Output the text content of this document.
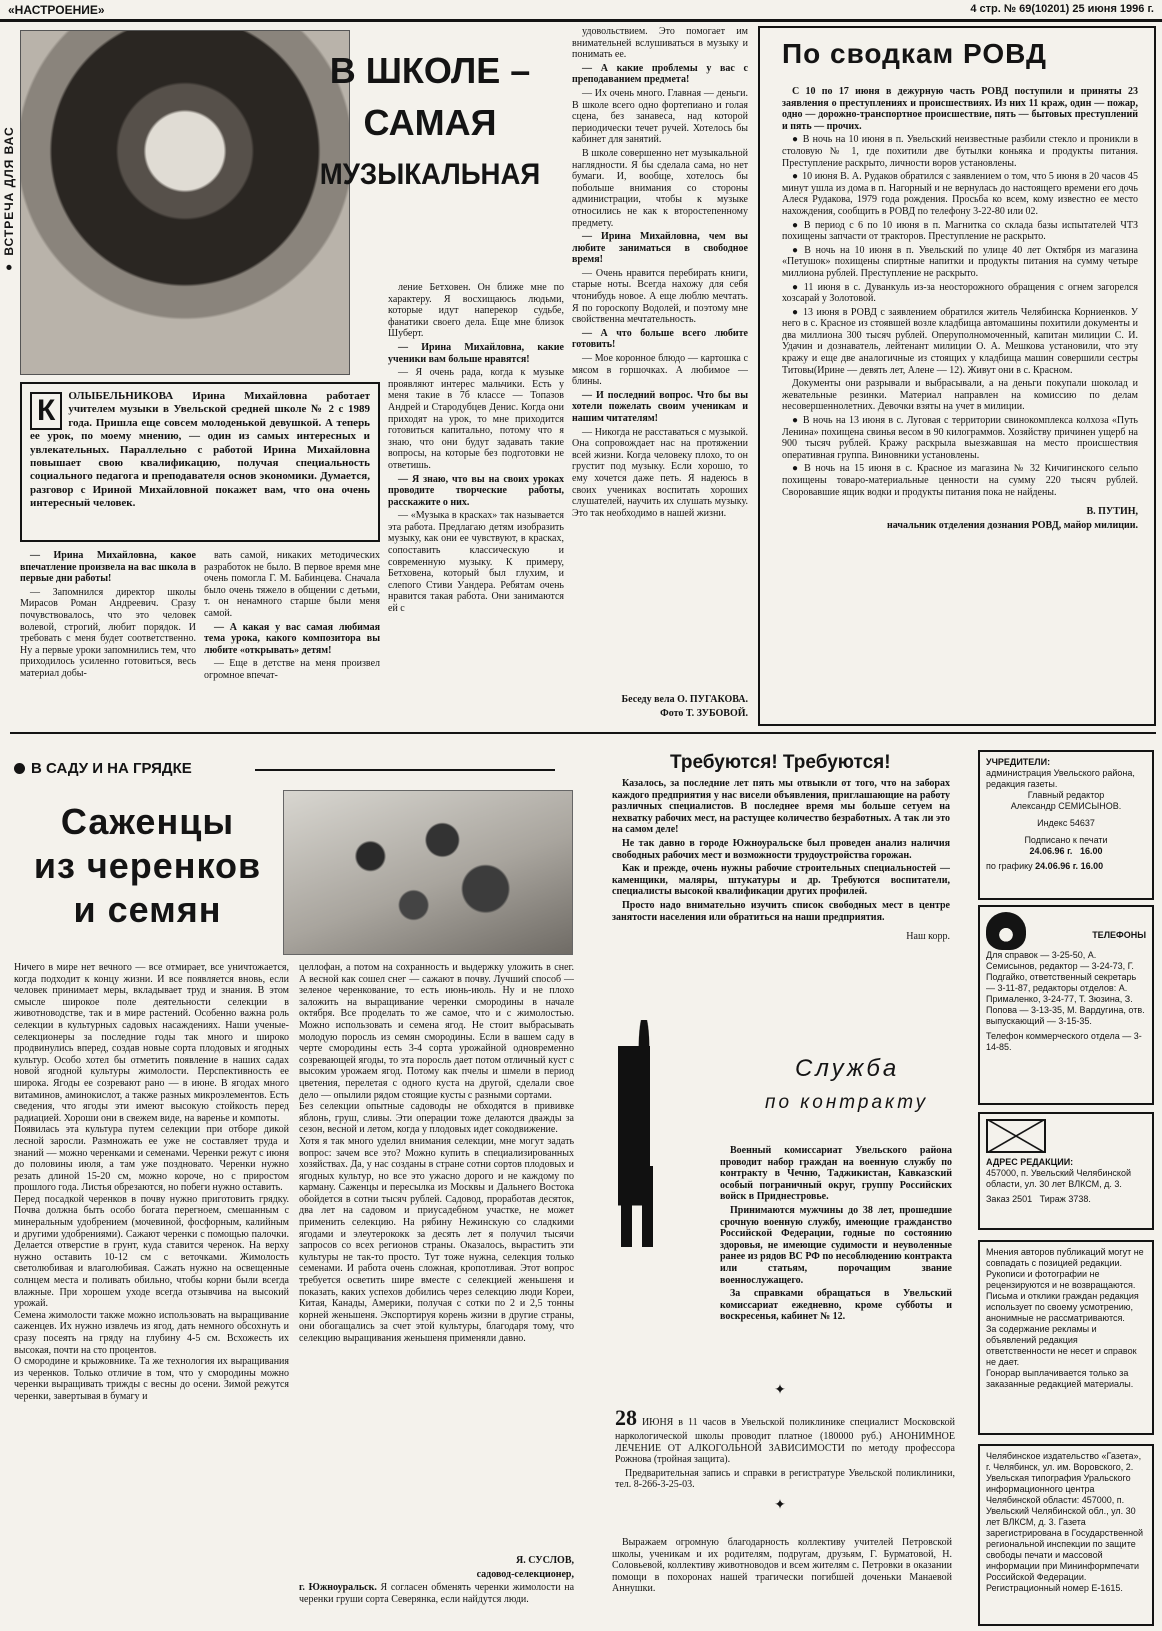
«НАСТРОЕНИЕ»	4 стр. № 69(10201) 25 июня 1996 г.
● ВСТРЕЧА ДЛЯ ВАС
В ШКОЛЕ –
САМАЯ
МУЗЫКАЛЬНАЯ
К	ОЛЫБЕЛЬНИКОВА Ирина Михайловна работает учителем музыки в Увельской средней школе № 2 с 1989 года. Пришла еще совсем молоденькой девушкой. А теперь ее урок, по моему мнению, — один из самых интересных и увлекательных. Параллельно с работой Ирина Михайловна повышает свою квалификацию, получая специальность социального педагога и преподавателя основ экономики. Думается, разговор с Ириной Михайловной покажет вам, что она очень интересный человек.

— Ирина Михайловна, какое впечатление произвела на вас школа в первые дни работы!

— Запомнился директор школы Мирасов Роман Андреевич. Сразу почувствовалось, что это человек волевой, строгий, любит порядок. И требовать с меня будет соответственно. Ну а первые уроки запомнились тем, что приходилось усиленно готовиться, весь материал добы-

вать самой, никаких методических разработок не было. В первое время мне очень помогла Г. М. Бабинцева. Сначала было очень тяжело в общении с детьми, т. он ненамного старше были меня самой.

— А какая у вас самая любимая тема урока, какого композитора вы любите «открывать» детям!

— Еще в детстве на меня произвел огромное впечат-

ление Бетховен. Он ближе мне по характеру. Я восхищаюсь людьми, которые идут наперекор судьбе, фанатики своего дела. Еще мне близок Шуберт.

— Ирина Михайловна, какие ученики вам больше нравятся!

— Я очень рада, когда к музыке проявляют интерес мальчики. Есть у меня такие в 7б классе — Топазов Андрей и Стародубцев Денис. Когда они приходят на урок, то мне приходится готовиться капитально, потому что я знаю, что они будут задавать такие вопросы, на которые без подготовки не ответишь.

— Я знаю, что вы на своих уроках проводите творческие работы, расскажите о них.

— «Музыка в красках» так называется эта работа. Предлагаю детям изобразить музыку, как они ее чувствуют, в красках, сопоставить классическую и современную музыку. К примеру, Бетховена, который был глухим, и слепого Стиви Уандера. Ребятам очень нравится такая работа. Они занимаются ей с

удовольствием. Это помогает им внимательней вслушиваться в музыку и понимать ее.

— А какие проблемы у вас с преподаванием предмета!

— Их очень много. Главная — деньги. В школе всего одно фортепиано и голая сцена, без занавеса, над которой периодически течет ручей. Хотелось бы кабинет для занятий.

В школе совершенно нет музыкальной наглядности. Я бы сделала сама, но нет бумаги. И, вообще, хотелось бы побольше внимания со стороны администрации, чтобы к музыке относились не как к второстепенному предмету.

— Ирина Михайловна, чем вы любите заниматься в свободное время!

— Очень нравится перебирать книги, старые ноты. Всегда нахожу для себя чтонибудь новое. А еще люблю мечтать. Я по гороскопу Водолей, и поэтому мне свойственна мечтательность.

— А что больше всего любите готовить!

— Мое коронное блюдо — картошка с мясом в горшочках. А любимое — блины.

— И последний вопрос. Что бы вы хотели пожелать своим ученикам и нашим читателям!

— Никогда не расставаться с музыкой. Она сопровождает нас на протяжении всей жизни. Когда человеку плохо, то он грустит под музыку. Если хорошо, то ему хочется даже петь. Я надеюсь в своих учениках воспитать хороших слушателей, научить их слушать музыку. Это так необходимо в нашей жизни.

Беседу вела О. ПУГАКОВА.

Фото Т. ЗУБОВОЙ.

По сводкам РОВД

С 10 по 17 июня в дежурную часть РОВД поступили и приняты 23 заявления о преступлениях и происшествиях. Из них 11 краж, один — пожар, одно — дорожно-транспортное происшествие, пять — бытовых преступлений и пять — прочих.

● В ночь на 10 июня в п. Увельский неизвестные разбили стекло и проникли в столовую № 1, где похитили две бутылки коньяка и продукты питания. Преступление раскрыто, личности воров установлены.

● 10 июня В. А. Рудаков обратился с заявлением о том, что 5 июня в 20 часов 45 минут ушла из дома в п. Нагорный и не вернулась до настоящего времени его дочь Алеся Рудакова, 1979 года рождения. Просьба ко всем, кому известно ее место нахождения, сообщить в РОВД по телефону 3-22-80 или 02.

● В период с 6 по 10 июня в п. Магнитка со склада базы испытателей ЧТЗ похищены запчасти от тракторов. Преступление не раскрыто.

● В ночь на 10 июня в п. Увельский по улице 40 лет Октября из магазина «Петушок» похищены спиртные напитки и продукты питания на сумму четыре миллиона рублей. Преступление не раскрыто.

● 11 июня в с. Дуванкуль из-за неосторожного обращения с огнем загорелся хозсарай у Золотовой.

● 13 июня в РОВД с заявлением обратился житель Челябинска Корниенков. У него в с. Красное из стоявшей возле кладбища автомашины похитили документы и два миллиона 300 тысяч рублей. Оперуполномоченный, капитан милиции С. И. Удачин и дознаватель, лейтенант милиции О. А. Мешкова установили, что эту кражу и еще две аналогичные из стоящих у кладбища машин совершили сестры Титовы(Ирине — девять лет, Алене — 12). Живут они в с. Красном.

Документы они разрывали и выбрасывали, а на деньги покупали шоколад и жевательные резинки. Материал направлен на комиссию по делам несовершеннолетних. Девочки взяты на учет в милиции.

● В ночь на 13 июня в с. Луговая с территории свинокомплекса колхоза «Путь Ленина» похищена свинья весом в 90 килограммов. Хозяйству причинен ущерб на 900 тысяч рублей. Кражу раскрыла выезжавшая на место происшествия оперативная группа. Виновники установлены.

● В ночь на 15 июня в с. Красное из магазина № 32 Кичигинского сельпо похищены товаро-материальные ценности на сумму 220 тысяч рублей. Своровавшие ящик водки и продукты питания пока не найдены.

В. ПУТИН,

начальник отделения дознания РОВД, майор милиции.

В САДУ И НА ГРЯДКЕ
Саженцы
из черенков
и семян
Ничего в мире нет вечного — все отмирает, все уничтожается, когда подходит к концу жизни. И все появляется вновь, если человек принимает меры, вкладывает труд и знания. В этом смысле широкое поле деятельности селекции в животноводстве, так и в мире растений. Особенно важна роль селекции в культурных садовых насаждениях. Наши ученые-селекционеры за последние годы так много и широко продвинулись вперед, создав новые сорта плодовых и ягодных культур. Особо хотел бы отметить появление в наших садах новой ягодной культуры жимолости. Перспективность ее широка. Ягоды ее созревают рано — в июне. В ягодах много витаминов, аминокислот, а также разных микроэлементов. Есть сведения, что ягоды эти имеют высокую стойкость перед радиацией. Хороши они в свежем виде, на варенье и компоты.
Появилась эта культура путем селекции при отборе дикой лесной заросли. Размножать ее уже не составляет труда и знаний — можно черенками и семенами. Черенки режут с июня до половины июля, а там уже поздновато. Черенки нужно резать длиной 15-20 см, можно короче, но с приростом прошлого года. Листья обрезаются, но побеги нужно оставить.
Перед посадкой черенков в почву нужно приготовить грядку. Почва должна быть особо богата перегноем, смешанным с минеральным удобрением (мочевиной, фосфорным, калийным и другими удобрениями). Сажают черенки с помощью палочки. Делается отверстие в грунт, куда ставится черенок. На верху нужно оставить 10-12 см с веточками. Жимолость светолюбивая и влаголюбивая. Сажать нужно на освещенные солнцем места и поливать обильно, чтобы корни были всегда влажные. При хорошем уходе всегда отзывчива на высокий урожай.
Семена жимолости также можно использовать на выращивание саженцев. Их нужно извлечь из ягод, дать немного обсохнуть и сразу посеять на гряду на глубину 4-5 см. Всхожесть их высокая, почти на сто процентов.
О смородине и крыжовнике. Та же технология их выращивания из черенков. Только отличие в том, что у смородины можно черенки выращивать трижды с весны до осени. Зимой режутся черенки, завертывая в бумагу и
целлофан, а потом на сохранность и выдержку уложить в снег. А весной как сошел снег — сажают в почву. Лучший способ — зеленое черенкование, то есть июнь-июль. Ну и не плохо заложить на выращивание черенки смородины в начале октября. Все проделать то же самое, что и с жимолостью. Можно использовать и семена ягод. Не стоит выбрасывать молодую поросль из семян смородины. Если в вашем саду в черте смородины есть 3-4 сорта урожайной одновременно созревающей ягоды, то эта поросль дает потом отличный куст с высоким урожаем ягод. Потому как пчелы и шмели в период цветения, перелетая с одного куста на другой, сделали свое дело — опылили рядом стоящие кусты с разными сортами.
Без селекции опытные садоводы не обходятся в прививке яблонь, груш, сливы. Эти операции тоже делаются дважды за сезон, весной и летом, когда у плодовых идет сокодвижение.
Хотя я так много уделил внимания селекции, мне могут задать вопрос: зачем все это? Можно купить в специализированных хозяйствах. Да, у нас созданы в стране сотни сортов плодовых и ягодных культур, но все это ужасно дорого и не каждому по карману. Саженцы и пересылка из Москвы и Дальнего Востока обойдется в сотни тысяч рублей. Садовод, проработав десяток, два лет на садовом и приусадебном участке, не может применить селекцию. На рябину Нежинскую со сладкими ягодами и элеутерококк за десять лет я получил тысячи запросов со всех регионов страны. Оказалось, вырастить эти культуры не так-то просто. Тут тоже нужна, селекция только семенами. И работа очень сложная, кропотливая. Этот вопрос требуется осветить шире вместе с селекцией женьшеня и показать, каких успехов добились через селекцию люди Кореи, Китая, Канады, Америки, получая с сотки по 2 и 2,5 тонны корней женьшеня. Экспортируя корень жизни в другие страны, они обогащались за счет этой культуры, благодаря тому, что селекцию выращивания женьшеня применяли давно.

Я. СУСЛОВ,

садовод-селекционер,

г. Южноуральск. Я согласен обменять черенки жимолости на черенки груши сорта Северянка, если найдутся люди.

Требуются! Требуются!

Казалось, за последние лет пять мы отвыкли от того, что на заборах каждого предприятия у нас висели объявления, приглашающие на работу различных специалистов. В последнее время мы больше сетуем на нехватку рабочих мест, на растущее количество безработных. А так ли это на самом деле!

Не так давно в городе Южноуральске был проведен анализ наличия свободных рабочих мест и возможности трудоустройства горожан.

Как и прежде, очень нужны рабочие строительных специальностей — каменщики, маляры, штукатуры и др. Требуются воспитатели, специалисты высокой квалификации других профилей.

Просто надо внимательно изучить список свободных мест в центре занятости населения или обратиться на наши предприятия.

Наш корр.

Служба
по контракту

Военный комиссариат Увельского района проводит набор граждан на военную службу по контракту в Чечню, Таджикистан, Кавказский особый пограничный округ, группу Российских войск в Приднестровье.

Принимаются мужчины до 38 лет, прошедшие срочную военную службу, имеющие гражданство Российской Федерации, годные по состоянию здоровья, не имеющие судимости и неуволенные ранее из рядов ВС РФ по несоблюдению контракта или статьям, порочащим звание военнослужащего.

За справками обращаться в Увельский комиссариат ежедневно, кроме субботы и воскресенья, кабинет № 12.

✦

28 ИЮНЯ в 11 часов в Увельской поликлинике специалист Московской наркологической школы проводит платное (180000 руб.) АНОНИМНОЕ ЛЕЧЕНИЕ ОТ АЛКОГОЛЬНОЙ ЗАВИСИМОСТИ по методу профессора Рожнова (тройная защита).

Предварительная запись и справки в регистратуре Увельской поликлиники, тел. 8-266-3-25-03.

✦

Выражаем огромную благодарность коллективу учителей Петровской школы, ученикам и их родителям, подругам, друзьям, Г. Бурматовой, Н. Соловьевой, коллективу животноводов и всем жителям с. Петровки в оказании помощи в похоронах нашей трагически погибшей доченьки Манаевой Аннушки.

УЧРЕДИТЕЛИ:
администрация Увельского района, редакция газеты.
Главный редактор
Александр СЕМИСЫНОВ.
Индекс 54637
Подписано к печати
24.06.96 г. 16.00
по графику 24.06.96 г. 16.00
ТЕЛЕФОНЫ
Для справок — 3-25-50, А. Семисынов, редактор — 3-24-73, Г. Подгайко, ответственный секретарь — 3-11-87, редакторы отделов: А. Прималенко, 3-24-77, Т. Зюзина, З. Попова — 3-13-35, М. Вардугина, отв. выпускающий — 3-15-35.
Телефон коммерческого отдела — 3-14-85.
АДРЕС РЕДАКЦИИ:
457000, п. Увельский Челябинской области, ул. 30 лет ВЛКСМ, д. 3.
Заказ 2501 Тираж 3738.
Мнения авторов публикаций могут не совпадать с позицией редакции. Рукописи и фотографии не рецензируются и не возвращаются.
Письма и отклики граждан редакция использует по своему усмотрению, анонимные не рассматриваются.
За содержание рекламы и объявлений редакция ответственности не несет и справок не дает.
Гонорар выплачивается только за заказанные редакцией материалы.
Челябинское издательство «Газета», г. Челябинск, ул. им. Воровского, 2. Увельская типография Уральского информационного центра Челябинской области: 457000, п. Увельский Челябинской обл., ул. 30 лет ВЛКСМ, д. 3. Газета зарегистрирована в Государственной региональной инспекции по защите свободы печати и массовой информации при Мининформпечати Российской Федерации. Регистрационный номер Е-1615.
